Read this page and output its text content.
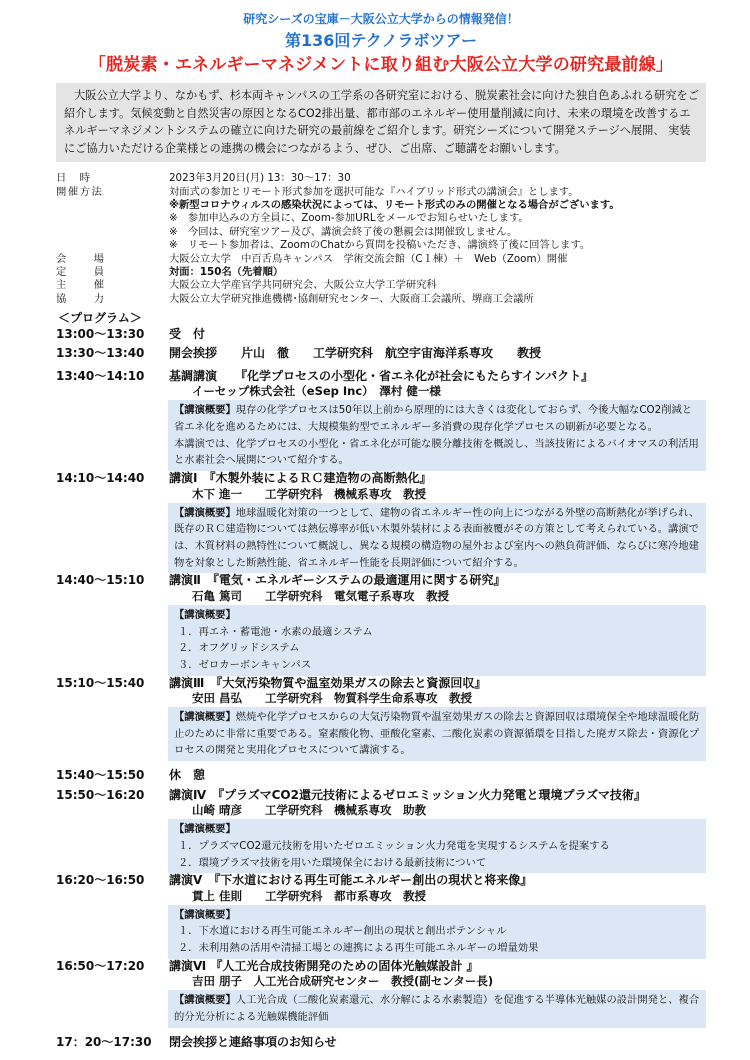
研究シーズの宝庫－大阪公立大学からの情報発信！
第136回テクノラボツアー
「脱炭素・エネルギーマネジメントに取り組む大阪公立大学の研究最前線」
大阪公立大学より、なかもず、杉本両キャンパスの工学系の各研究室における、脱炭素社会に向けた独自色あふれる研究をご紹介します。気候変動と自然災害の原因となるCO2排出量、都市部のエネルギー使用量削減に向け、未来の環境を改善するエネルギーマネジメントシステムの確立に向けた研究の最前線をご紹介します。研究シーズについて開発ステージへ展開、 実装にご協力いただける企業様との連携の機会につながるよう、ぜひ、ご出席、ご聴講をお願いします。
日　時	2023年3月20日(月) 13：30～17：30
開催方法	対面式の参加とリモート形式参加を選択可能な『ハイブリッド形式の講演会』とします。
※新型コロナウィルスの感染状況によっては、リモート形式のみの開催となる場合がございます。
※　参加申込みの方全員に、Zoom-参加URLをメールでお知らせいたします。
※　今回は、研究室ツアー及び、講演会終了後の懇親会は開催致しません。
※　リモート参加者は、ZoomのChatから質問を投稿いただき、講演終了後に回答します。
会	場	大阪公立大学　中百舌鳥キャンパス　学術交流会館（C１棟）＋　Web（Zoom）開催
定	員	対面：150名（先着順）
主	催	大阪公立大学産官学共同研究会、大阪公立大学工学研究科
協	力	大阪公立大学研究推進機構･協創研究センター、大阪商工会議所、堺商工会議所
＜プログラム＞
13:00～13:30	受　付
13:30～13:40	開会挨拶　　片山　徹　　工学研究科　航空宇宙海洋系専攻　　教授
13:40～14:10	基調講演　　『化学プロセスの小型化・省エネ化が社会にもたらすインパクト』
イーセップ株式会社（eSep Inc）　澤村 健一様
【講演概要】現存の化学プロセスは50年以上前から原理的には大きくは変化しておらず、今後大幅なCO2削減と省エネ化を進めるためには、大規模集約型でエネルギー多消費の現存化学プロセスの刷新が必要となる。
本講演では、化学プロセスの小型化・省エネ化が可能な膜分離技術を概説し、当該技術によるバイオマスの利活用と水素社会へ展開について紹介する。
14:10～14:40	講演Ⅰ　『木製外装によるＲＣ建造物の高断熱化』
木下 進一　　工学研究科　機械系専攻　教授
【講演概要】地球温暖化対策の一つとして、建物の省エネルギー性の向上につながる外壁の高断熱化が挙げられ、既存のＲＣ建造物については熱伝導率が低い木製外装材による表面被覆がその方策として考えられている。講演では、木質材料の熱特性について概説し、異なる規模の構造物の屋外および室内への熱負荷評価、ならびに寒冷地建物を対象とした断熱性能、省エネルギー性能を長期評価について紹介する。
14:40～15:10	講演Ⅱ　『電気・エネルギーシステムの最適運用に関する研究』
石亀 篤司　　工学研究科　電気電子系専攻　教授
【講演概要】
１．再エネ・蓄電池・水素の最適システム
２．オフグリッドシステム
３．ゼロカーボンキャンパス
15:10～15:40	講演Ⅲ　『大気汚染物質や温室効果ガスの除去と資源回収』
安田 昌弘　　工学研究科　物質科学生命系専攻　教授
【講演概要】燃焼や化学プロセスからの大気汚染物質や温室効果ガスの除去と資源回収は環境保全や地球温暖化防止のために非常に重要である。窒素酸化物、亜酸化窒素、二酸化炭素の資源循環を目指した廃ガス除去・資源化プロセスの開発と実用化プロセスについて講演する。
15:40～15:50	休　憩
15:50～16:20	講演Ⅳ　『プラズマCO2還元技術によるゼロエミッション火力発電と環境プラズマ技術』
山崎 晴彦　　工学研究科　機械系専攻　助教
【講演概要】
１．プラズマCO2還元技術を用いたゼロエミッション火力発電を実現するシステムを提案する
２．環境プラズマ技術を用いた環境保全における最新技術について
16:20～16:50	講演Ⅴ　『下水道における再生可能エネルギー創出の現状と将来像』
貫上 佳則　　工学研究科　都市系専攻　教授
【講演概要】
１．下水道における再生可能エネルギー創出の現状と創出ポテンシャル
２．未利用熱の活用や清掃工場との連携による再生可能エネルギーの増量効果
16:50～17:20	講演Ⅵ 『人工光合成技術開発のための固体光触媒設計 』
吉田 朋子　人工光合成研究センター　教授(副センター長)
【講演概要】人工光合成（二酸化炭素還元、水分解による水素製造）を促進する半導体光触媒の設計開発と、複合的分光分析による光触媒機能評価
17：20～17:30	閉会挨拶と連絡事項のお知らせ
